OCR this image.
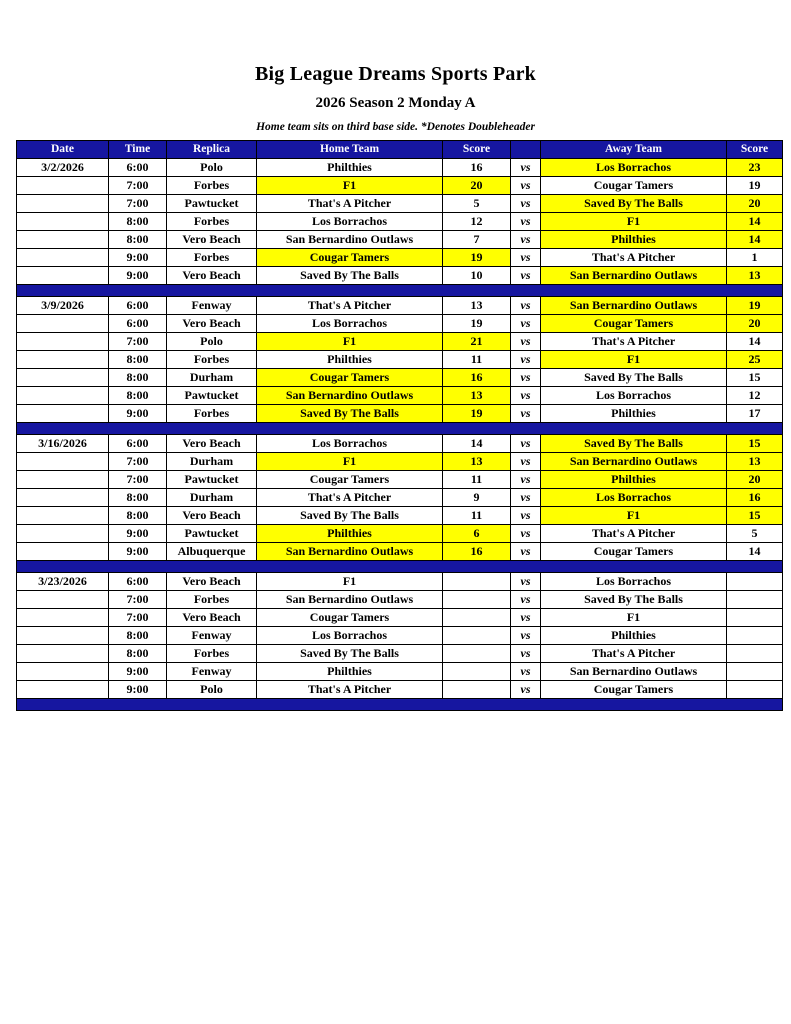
Big League Dreams Sports Park
2026 Season 2 Monday A
Home team sits on third base side. *Denotes Doubleheader
Date	Time	Replica	Home Team	Score		Away Team	Score
3/2/2026	6:00	Polo	Philthies	16	vs	Los Borrachos	23
	7:00	Forbes	F1	20	vs	Cougar Tamers	19
	7:00	Pawtucket	That's A Pitcher	5	vs	Saved By The Balls	20
	8:00	Forbes	Los Borrachos	12	vs	F1	14
	8:00	Vero Beach	San Bernardino Outlaws	7	vs	Philthies	14
	9:00	Forbes	Cougar Tamers	19	vs	That's A Pitcher	1
	9:00	Vero Beach	Saved By The Balls	10	vs	San Bernardino Outlaws	13

3/9/2026	6:00	Fenway	That's A Pitcher	13	vs	San Bernardino Outlaws	19
	6:00	Vero Beach	Los Borrachos	19	vs	Cougar Tamers	20
	7:00	Polo	F1	21	vs	That's A Pitcher	14
	8:00	Forbes	Philthies	11	vs	F1	25
	8:00	Durham	Cougar Tamers	16	vs	Saved By The Balls	15
	8:00	Pawtucket	San Bernardino Outlaws	13	vs	Los Borrachos	12
	9:00	Forbes	Saved By The Balls	19	vs	Philthies	17

3/16/2026	6:00	Vero Beach	Los Borrachos	14	vs	Saved By The Balls	15
	7:00	Durham	F1	13	vs	San Bernardino Outlaws	13
	7:00	Pawtucket	Cougar Tamers	11	vs	Philthies	20
	8:00	Durham	That's A Pitcher	9	vs	Los Borrachos	16
	8:00	Vero Beach	Saved By The Balls	11	vs	F1	15
	9:00	Pawtucket	Philthies	6	vs	That's A Pitcher	5
	9:00	Albuquerque	San Bernardino Outlaws	16	vs	Cougar Tamers	14

3/23/2026	6:00	Vero Beach	F1		vs	Los Borrachos	
	7:00	Forbes	San Bernardino Outlaws		vs	Saved By The Balls	
	7:00	Vero Beach	Cougar Tamers		vs	F1	
	8:00	Fenway	Los Borrachos		vs	Philthies	
	8:00	Forbes	Saved By The Balls		vs	That's A Pitcher	
	9:00	Fenway	Philthies		vs	San Bernardino Outlaws	
	9:00	Polo	That's A Pitcher		vs	Cougar Tamers	
